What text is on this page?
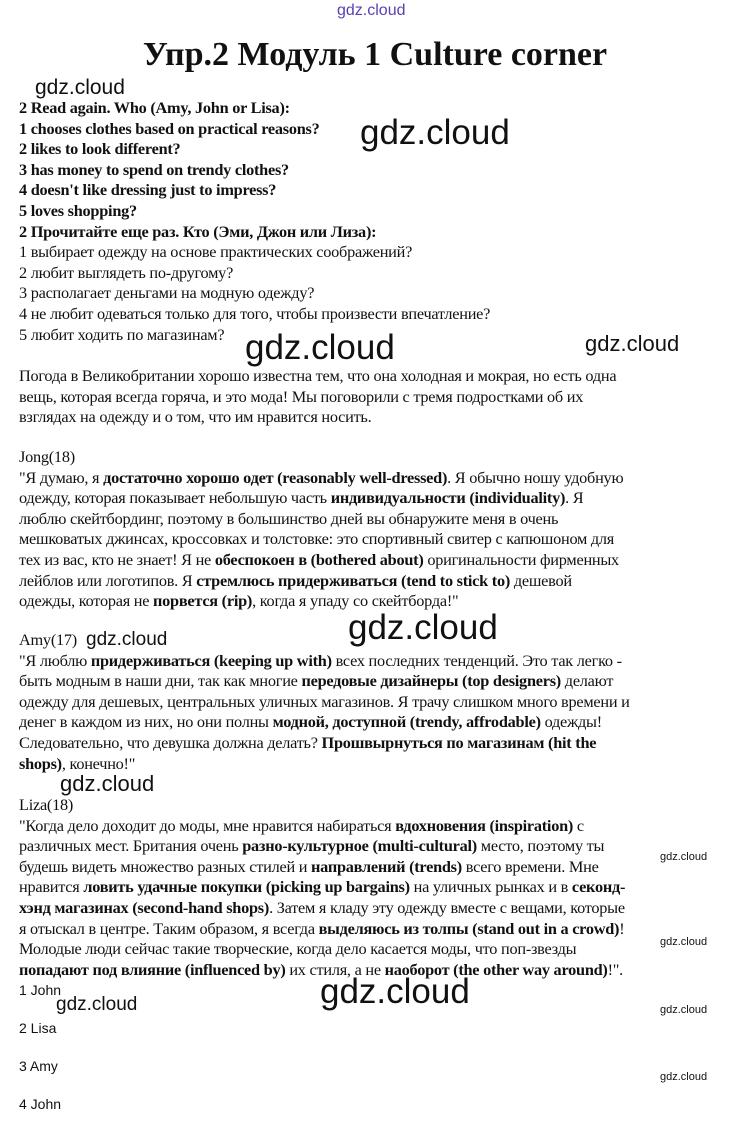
gdz.cloud
Упр.2 Модуль 1 Culture corner
2 Read again. Who (Amy, John or Lisa):
1 chooses clothes based on practical reasons?
2 likes to look different?
3 has money to spend on trendy clothes?
4 doesn't like dressing just to impress?
5 loves shopping?
2 Прочитайте еще раз. Кто (Эми, Джон или Лиза):
1 выбирает одежду на основе практических соображений?
2 любит выглядеть по-другому?
3 располагает деньгами на модную одежду?
4 не любит одеваться только для того, чтобы произвести впечатление?
5 любит ходить по магазинам?
Погода в Великобритании хорошо известна тем, что она холодная и мокрая, но есть одна
вещь, которая всегда горяча, и это мода! Мы поговорили с тремя подростками об их
взглядах на одежду и о том, что им нравится носить.
Jong(18)
"Я думаю, я достаточно хорошо одет (reasonably well-dressed). Я обычно ношу удобную
одежду, которая показывает небольшую часть индивидуальности (individuality). Я
люблю скейтбординг, поэтому в большинство дней вы обнаружите меня в очень
мешковатых джинсах, кроссовках и толстовке: это спортивный свитер с капюшоном для
тех из вас, кто не знает! Я не обеспокоен в (bothered about) оригинальности фирменных
лейблов или логотипов. Я стремлюсь придерживаться (tend to stick to) дешевой
одежды, которая не порвется (rip), когда я упаду со скейтборда!"
Amy(17)
"Я люблю придерживаться (keeping up with) всех последних тенденций. Это так легко -
быть модным в наши дни, так как многие передовые дизайнеры (top designers) делают
одежду для дешевых, центральных уличных магазинов. Я трачу слишком много времени и
денег в каждом из них, но они полны модной, доступной (trendy, affrodable) одежды!
Следовательно, что девушка должна делать? Прошвырнуться по магазинам (hit the
shops), конечно!"
Liza(18)
"Когда дело доходит до моды, мне нравится набираться вдохновения (inspiration) с
различных мест. Британия очень разно-культурное (multi-cultural) место, поэтому ты
будешь видеть множество разных стилей и направлений (trends) всего времени. Мне
нравится ловить удачные покупки (picking up bargains) на уличных рынках и в секонд-
хэнд магазинах (second-hand shops). Затем я кладу эту одежду вместе с вещами, которые
я отыскал в центре. Таким образом, я всегда выделяюсь из толпы (stand out in a crowd)!
Молодые люди сейчас такие творческие, когда дело касается моды, что поп-звезды
попадают под влияние (influenced by) их стиля, а не наоборот (the other way around)!".
1 John
2 Lisa
3 Amy
4 John
gdz.cloud
gdz.cloud
gdz.cloud	gdz.cloud
gdz.cloud
gdz.cloud
gdz.cloud
gdz.cloud
gdz.cloud
gdz.cloud
gdz.cloud	gdz.cloud
gdz.cloud
